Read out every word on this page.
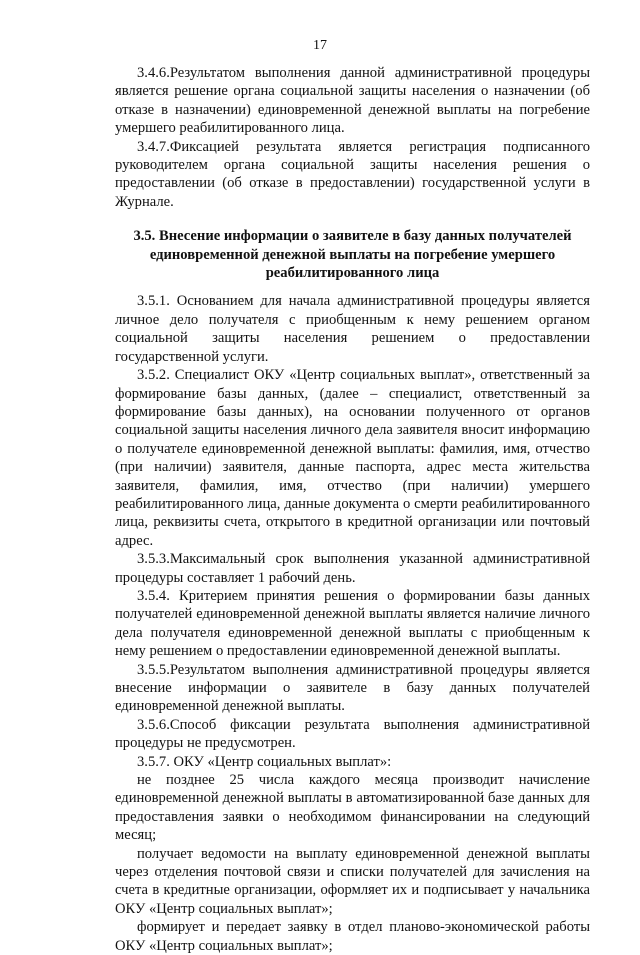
17

3.4.6.Результатом выполнения данной административной процедуры является решение органа социальной защиты населения о назначении (об отказе в назначении) единовременной денежной выплаты на погребение умершего реабилитированного лица.

3.4.7.Фиксацией результата является регистрация подписанного руководителем органа социальной защиты населения решения о предоставлении (об отказе в предоставлении) государственной услуги в Журнале.

3.5. Внесение информации о заявителе в базу данных получателей единовременной денежной выплаты на погребение умершего реабилитированного лица

3.5.1. Основанием для начала административной процедуры является личное дело получателя с приобщенным к нему решением органом социальной защиты населения решением о предоставлении государственной услуги.

3.5.2. Специалист ОКУ «Центр социальных выплат», ответственный за формирование базы данных, (далее – специалист, ответственный за формирование базы данных), на основании полученного от органов социальной защиты населения личного дела заявителя вносит информацию о получателе единовременной денежной выплаты: фамилия, имя, отчество (при наличии) заявителя, данные паспорта, адрес места жительства заявителя, фамилия, имя, отчество (при наличии) умершего реабилитированного лица, данные документа о смерти реабилитированного лица, реквизиты счета, открытого в кредитной организации или почтовый адрес.

3.5.3.Максимальный срок выполнения указанной административной процедуры составляет 1 рабочий день.

3.5.4. Критерием принятия решения о формировании базы данных получателей единовременной денежной выплаты является наличие личного дела получателя единовременной денежной выплаты с приобщенным к нему решением о предоставлении единовременной денежной выплаты.

3.5.5.Результатом выполнения административной процедуры является внесение информации о заявителе в базу данных получателей единовременной денежной выплаты.

3.5.6.Способ фиксации результата выполнения административной процедуры не предусмотрен.

3.5.7. ОКУ «Центр социальных выплат»:

не позднее 25 числа каждого месяца производит начисление единовременной денежной выплаты в автоматизированной базе данных для предоставления заявки о необходимом финансировании на следующий месяц;

получает ведомости на выплату единовременной денежной выплаты через отделения почтовой связи и списки получателей для зачисления на счета в кредитные организации, оформляет их и подписывает у начальника ОКУ «Центр социальных выплат»;

формирует и передает заявку в отдел планово-экономической работы ОКУ «Центр социальных выплат»;
